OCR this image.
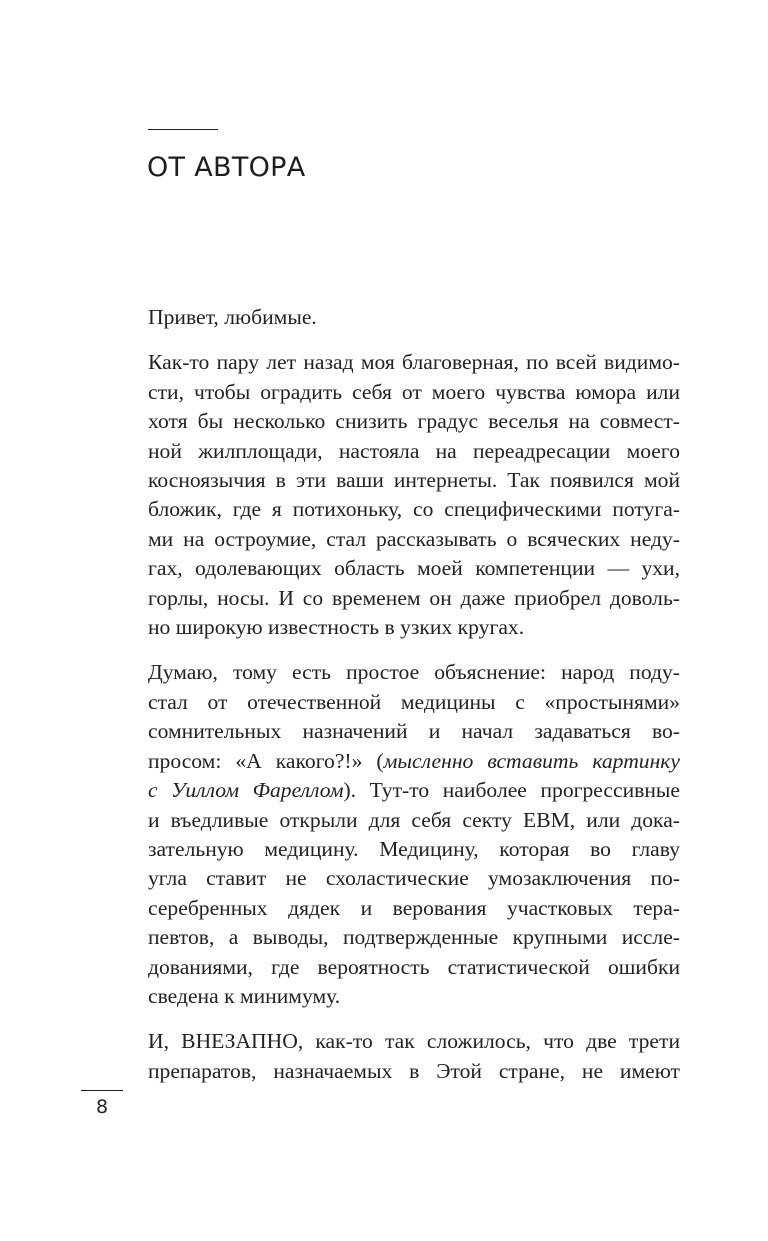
ОТ АВТОРА

Привет, любимые.

Как-то пару лет назад моя благоверная, по всей видимо-
сти, чтобы оградить себя от моего чувства юмора или
хотя бы несколько снизить градус веселья на совмест-
ной жилплощади, настояла на переадресации моего
косноязычия в эти ваши интернеты. Так появился мой
бложик, где я потихоньку, со специфическими потуга-
ми на остроумие, стал рассказывать о всяческих неду-
гах, одолевающих область моей компетенции — ухи,
горлы, носы. И со временем он даже приобрел доволь-
но широкую известность в узких кругах.

Думаю, тому есть простое объяснение: народ поду-
стал от отечественной медицины с «простынями»
сомнительных назначений и начал задаваться во-
просом: «А какого?!» (мысленно вставить картинку
с Уиллом Фареллом). Тут-то наиболее прогрессивные
и въедливые открыли для себя секту EBM, или дока-
зательную медицину. Медицину, которая во главу
угла ставит не схоластические умозаключения по-
серебренных дядек и верования участковых тера-
певтов, а выводы, подтвержденные крупными иссле-
дованиями, где вероятность статистической ошибки
сведена к минимуму.

И, ВНЕЗАПНО, как-то так сложилось, что две трети
препаратов, назначаемых в Этой стране, не имеют

8
